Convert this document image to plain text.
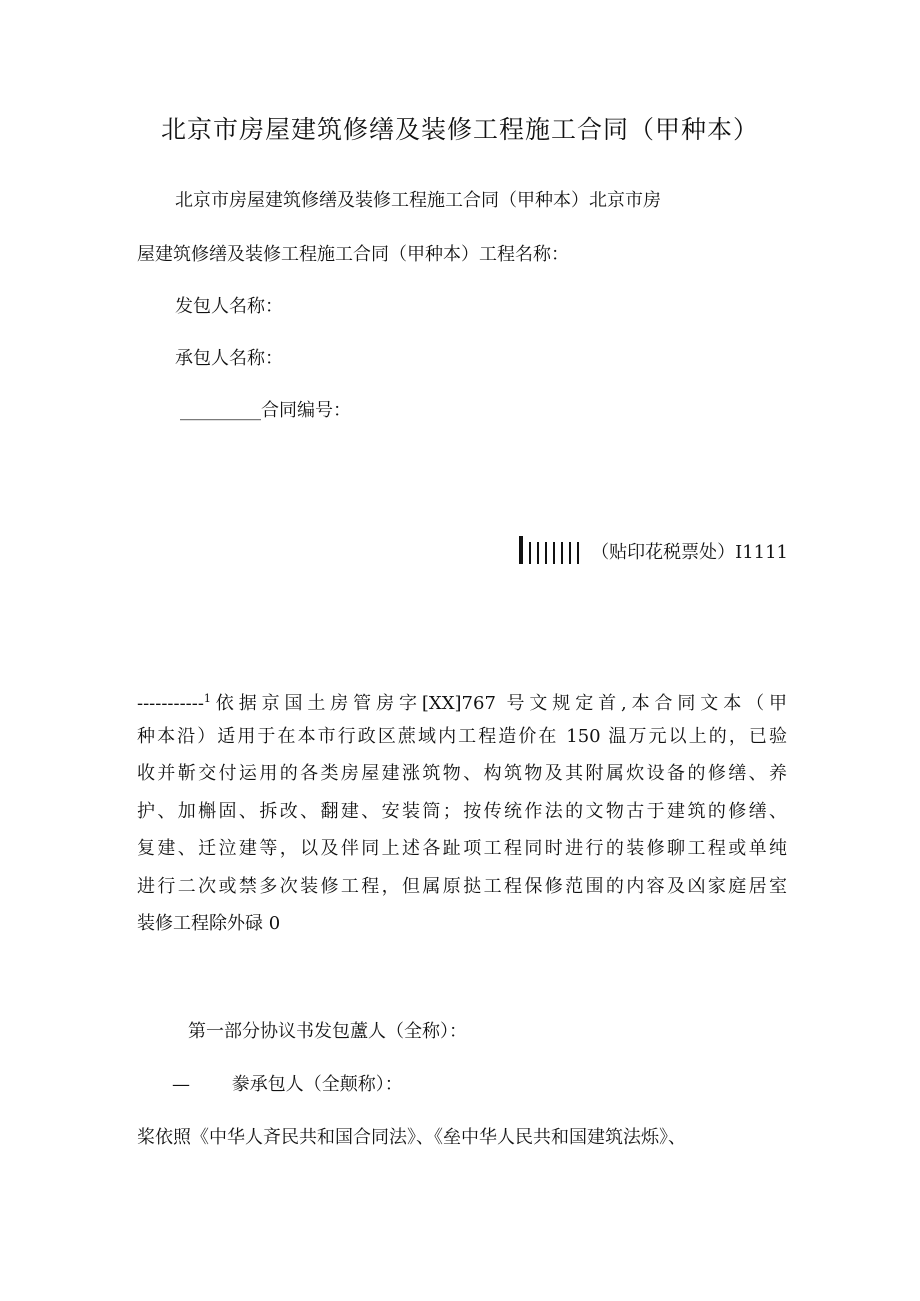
北京市房屋建筑修缮及装修工程施工合同（甲种本）
北京市房屋建筑修缮及装修工程施工合同（甲种本）北京市房
屋建筑修缮及装修工程施工合同（甲种本）工程名称：
发包人名称：
承包人名称：
_________合同编号：
（贴印花税票处）I1111
-----------$^1$依据京国土房管房字[XX]767 号文规定首,本合同文本（甲
种本沿）适用于在本市行政区蔗域内工程造价在 150 温万元以上的，已验
收并靳交付运用的各类房屋建涨筑物、构筑物及其附属炊设备的修缮、养
护、加槲固、拆改、翻建、安装筒；按传统作法的文物古于建筑的修缮、
复建、迁泣建等，以及伴同上述各趾项工程同时进行的装修聊工程或单纯
进行二次或禁多次装修工程，但属原挞工程保修范围的内容及凶家庭居室
装修工程除外碌 0
第一部分协议书发包蘆人（全称）：
— 豢承包人（全颠称）：
桨依照《中华人斉民共和国合同法》、《垒中华人民共和国建筑法烁》、
